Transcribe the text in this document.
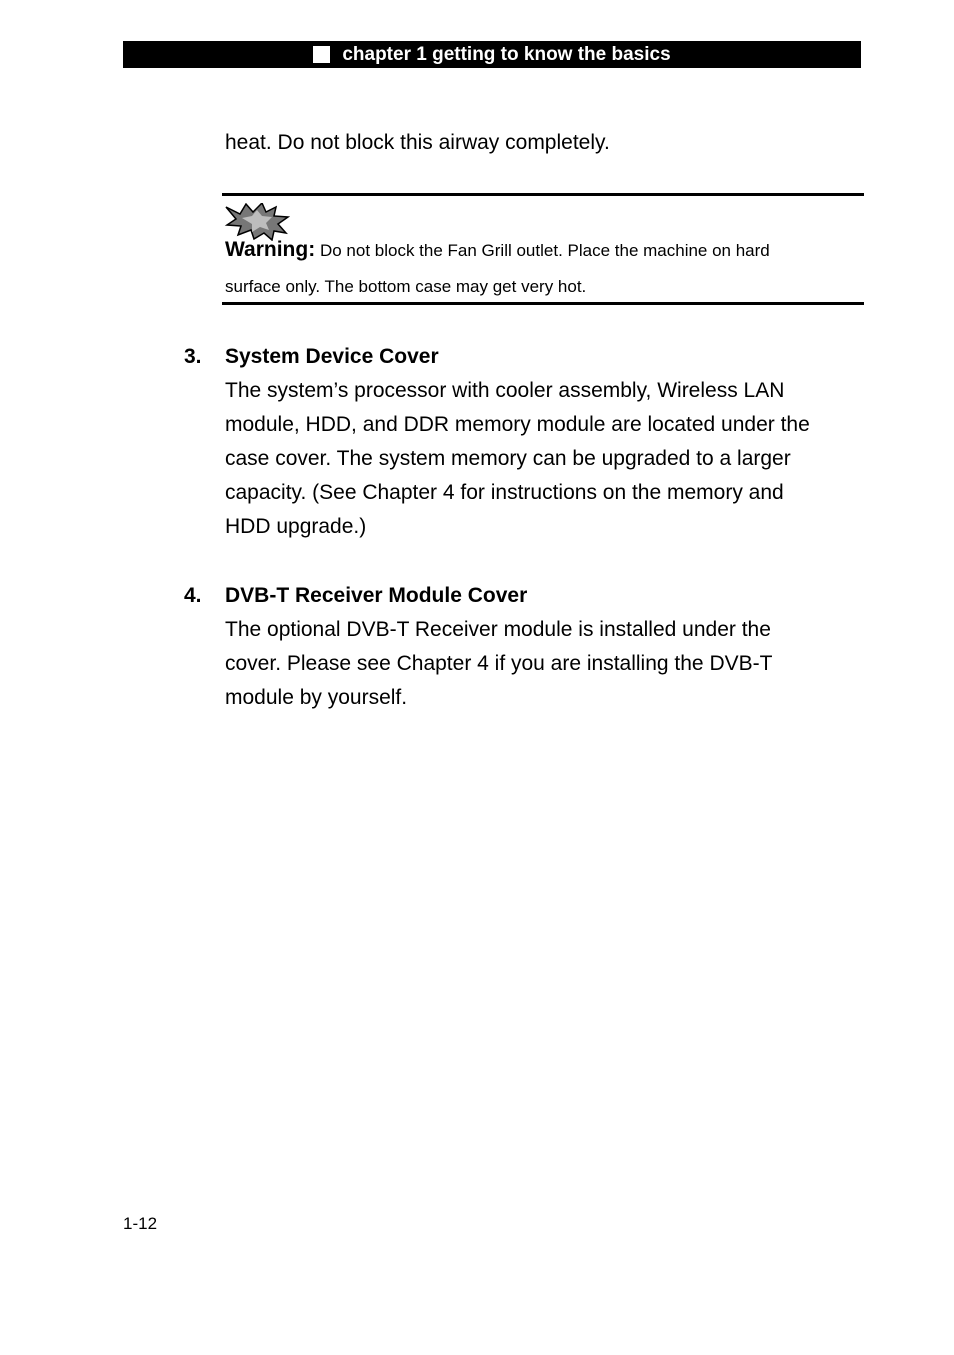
chapter 1 getting to know the basics
heat. Do not block this airway completely.
Warning: Do not block the Fan Grill outlet. Place the machine on hard
surface only. The bottom case may get very hot.
3. System Device Cover
The system’s processor with cooler assembly, Wireless LAN
module, HDD, and DDR memory module are located under the
case cover. The system memory can be upgraded to a larger
capacity. (See Chapter 4 for instructions on the memory and
HDD upgrade.)
4. DVB-T Receiver Module Cover
The optional DVB-T Receiver module is installed under the
cover. Please see Chapter 4 if you are installing the DVB-T
module by yourself.
1-12
